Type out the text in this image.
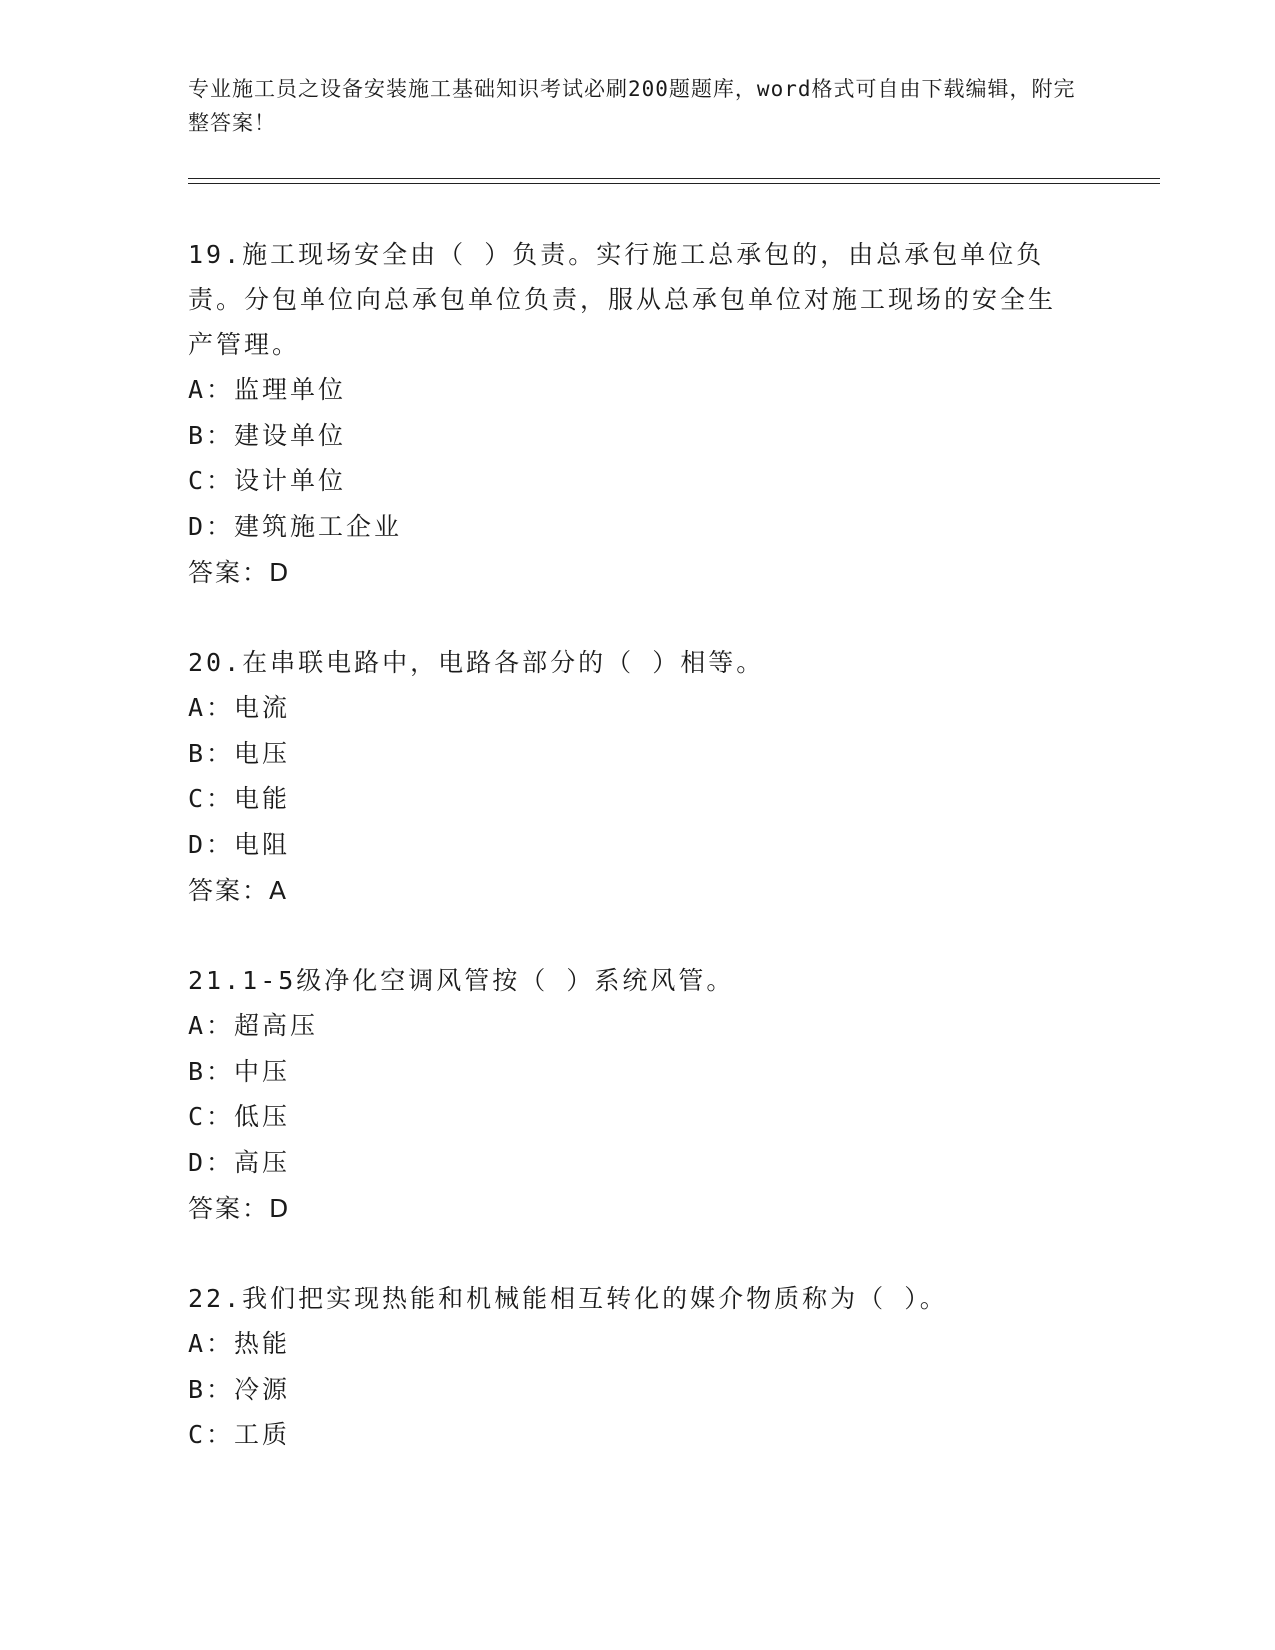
专业施工员之设备安装施工基础知识考试必刷200题题库，word格式可自由下载编辑，附完整答案！
19.施工现场安全由（ ）负责。实行施工总承包的，由总承包单位负责。分包单位向总承包单位负责，服从总承包单位对施工现场的安全生产管理。
A：监理单位
B：建设单位
C：设计单位
D：建筑施工企业
答案：D
20.在串联电路中，电路各部分的（ ）相等。
A：电流
B：电压
C：电能
D：电阻
答案：A
21.1-5级净化空调风管按（ ）系统风管。
A：超高压
B：中压
C：低压
D：高压
答案：D
22.我们把实现热能和机械能相互转化的媒介物质称为（ ）。
A：热能
B：冷源
C：工质
